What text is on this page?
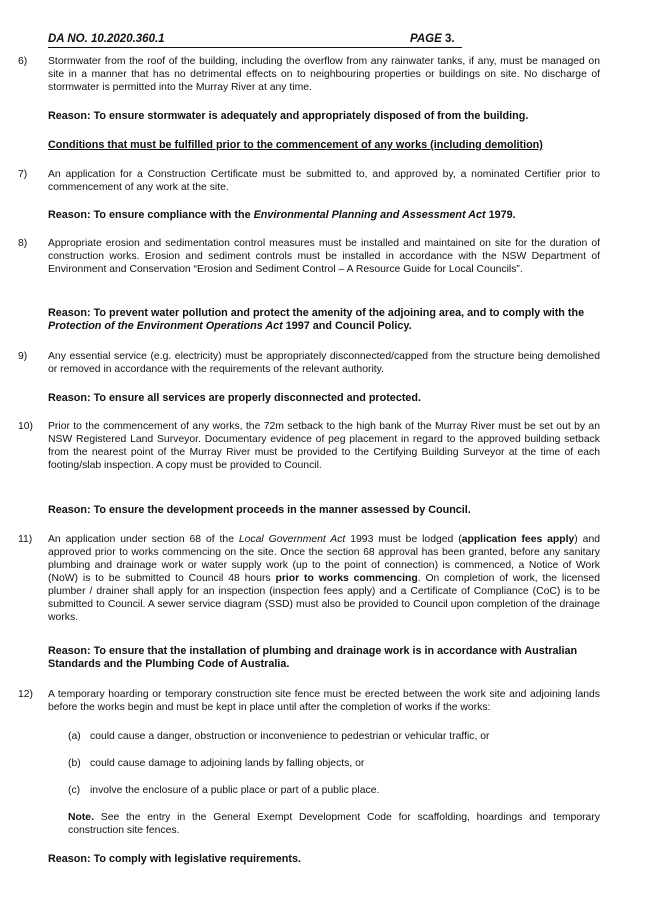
DA NO. 10.2020.360.1	PAGE 3.
6) Stormwater from the roof of the building, including the overflow from any rainwater tanks, if any, must be managed on site in a manner that has no detrimental effects on to neighbouring properties or buildings on site. No discharge of stormwater is permitted into the Murray River at any time.
Reason: To ensure stormwater is adequately and appropriately disposed of from the building.
Conditions that must be fulfilled prior to the commencement of any works (including demolition)
7) An application for a Construction Certificate must be submitted to, and approved by, a nominated Certifier prior to commencement of any work at the site.
Reason: To ensure compliance with the Environmental Planning and Assessment Act 1979.
8) Appropriate erosion and sedimentation control measures must be installed and maintained on site for the duration of construction works. Erosion and sediment controls must be installed in accordance with the NSW Department of Environment and Conservation “Erosion and Sediment Control – A Resource Guide for Local Councils”.
Reason: To prevent water pollution and protect the amenity of the adjoining area, and to comply with the Protection of the Environment Operations Act 1997 and Council Policy.
9) Any essential service (e.g. electricity) must be appropriately disconnected/capped from the structure being demolished or removed in accordance with the requirements of the relevant authority.
Reason: To ensure all services are properly disconnected and protected.
10) Prior to the commencement of any works, the 72m setback to the high bank of the Murray River must be set out by an NSW Registered Land Surveyor. Documentary evidence of peg placement in regard to the approved building setback from the nearest point of the Murray River must be provided to the Certifying Building Surveyor at the time of each footing/slab inspection. A copy must be provided to Council.
Reason: To ensure the development proceeds in the manner assessed by Council.
11) An application under section 68 of the Local Government Act 1993 must be lodged (application fees apply) and approved prior to works commencing on the site. Once the section 68 approval has been granted, before any sanitary plumbing and drainage work or water supply work (up to the point of connection) is commenced, a Notice of Work (NoW) is to be submitted to Council 48 hours prior to works commencing. On completion of work, the licensed plumber / drainer shall apply for an inspection (inspection fees apply) and a Certificate of Compliance (CoC) is to be submitted to Council. A sewer service diagram (SSD) must also be provided to Council upon completion of the drainage works.
Reason: To ensure that the installation of plumbing and drainage work is in accordance with Australian Standards and the Plumbing Code of Australia.
12) A temporary hoarding or temporary construction site fence must be erected between the work site and adjoining lands before the works begin and must be kept in place until after the completion of works if the works:
(a) could cause a danger, obstruction or inconvenience to pedestrian or vehicular traffic, or
(b) could cause damage to adjoining lands by falling objects, or
(c) involve the enclosure of a public place or part of a public place.
Note. See the entry in the General Exempt Development Code for scaffolding, hoardings and temporary construction site fences.
Reason: To comply with legislative requirements.
